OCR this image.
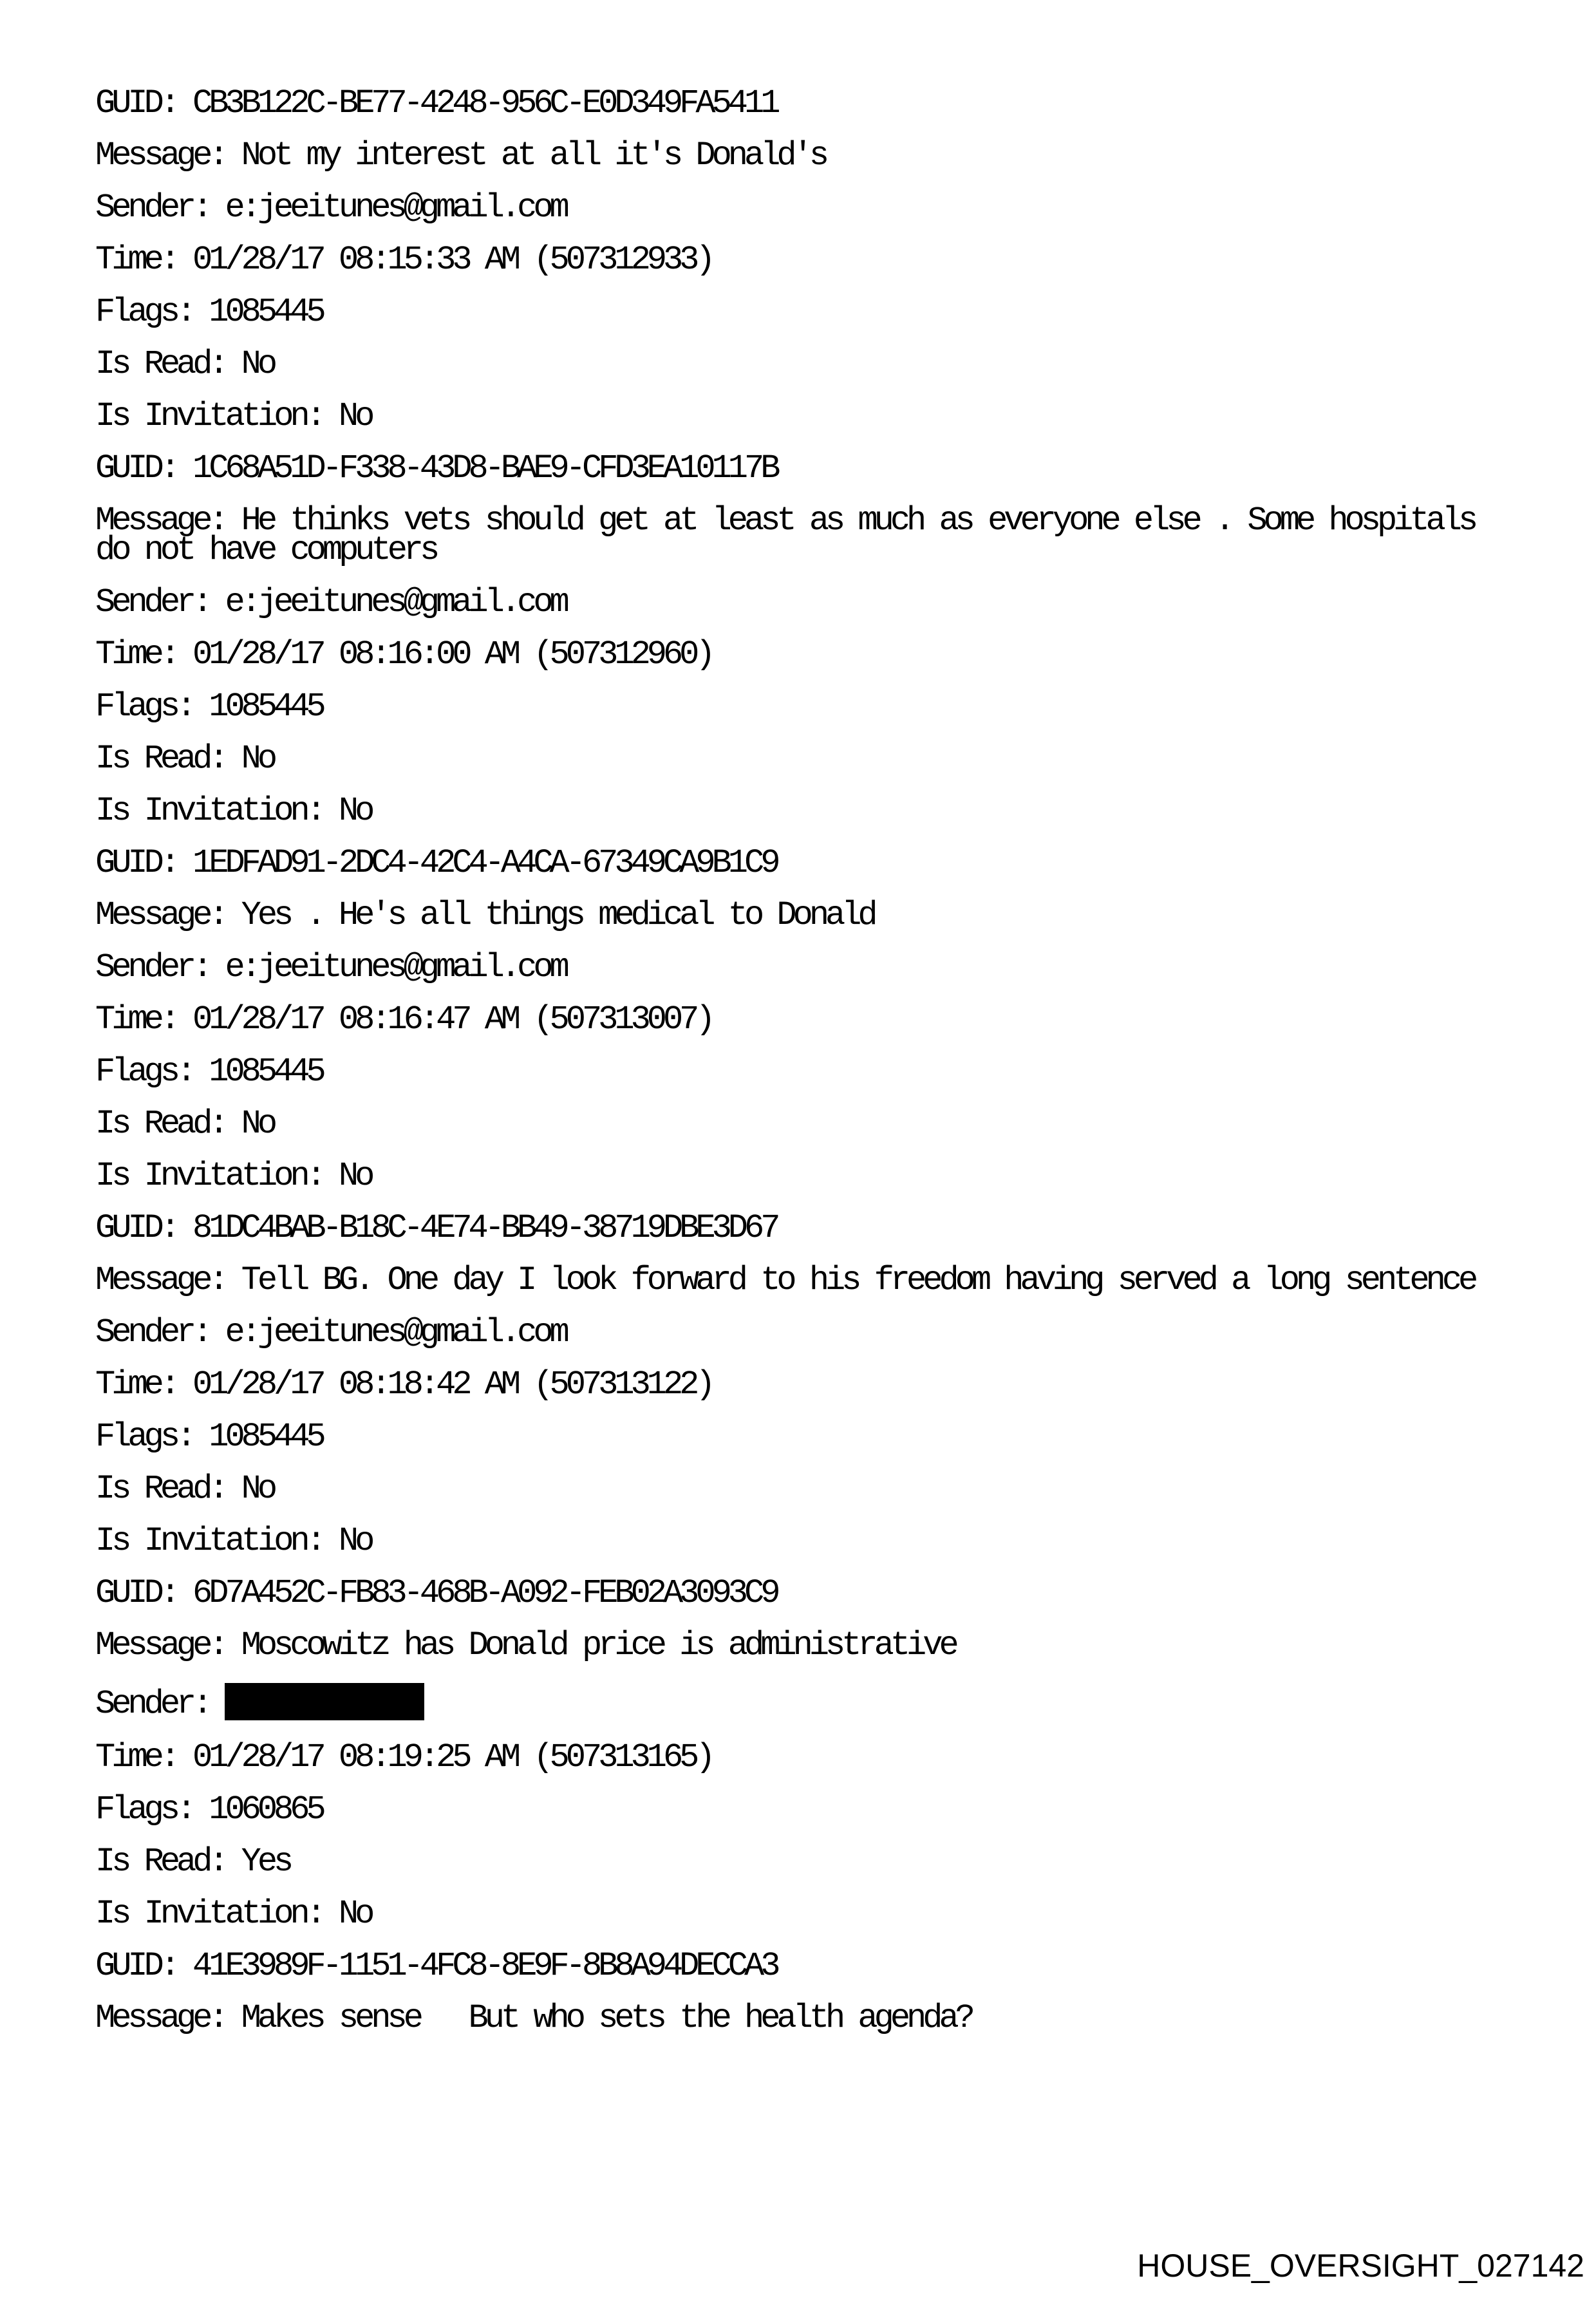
GUID: CB3B122C-BE77-4248-956C-E0D349FA5411
Message: Not my interest at all it's Donald's
Sender: e:jeeitunes@gmail.com
Time: 01/28/17 08:15:33 AM (507312933)
Flags: 1085445
Is Read: No
Is Invitation: No
GUID: 1C68A51D-F338-43D8-BAE9-CFD3EA10117B
Message: He thinks vets should get at least as much as everyone else . Some hospitals do not have computers
Sender: e:jeeitunes@gmail.com
Time: 01/28/17 08:16:00 AM (507312960)
Flags: 1085445
Is Read: No
Is Invitation: No
GUID: 1EDFAD91-2DC4-42C4-A4CA-67349CA9B1C9
Message: Yes . He's all things medical to Donald
Sender: e:jeeitunes@gmail.com
Time: 01/28/17 08:16:47 AM (507313007)
Flags: 1085445
Is Read: No
Is Invitation: No
GUID: 81DC4BAB-B18C-4E74-BB49-38719DBE3D67
Message: Tell BG. One day I look forward to his freedom having served a long sentence
Sender: e:jeeitunes@gmail.com
Time: 01/28/17 08:18:42 AM (507313122)
Flags: 1085445
Is Read: No
Is Invitation: No
GUID: 6D7A452C-FB83-468B-A092-FEB02A3093C9
Message: Moscowitz has Donald price is administrative
Sender:
Time: 01/28/17 08:19:25 AM (507313165)
Flags: 1060865
Is Read: Yes
Is Invitation: No
GUID: 41E3989F-1151-4FC8-8E9F-8B8A94DECCA3
Message: Makes sense   But who sets the health agenda?
HOUSE_OVERSIGHT_027142
